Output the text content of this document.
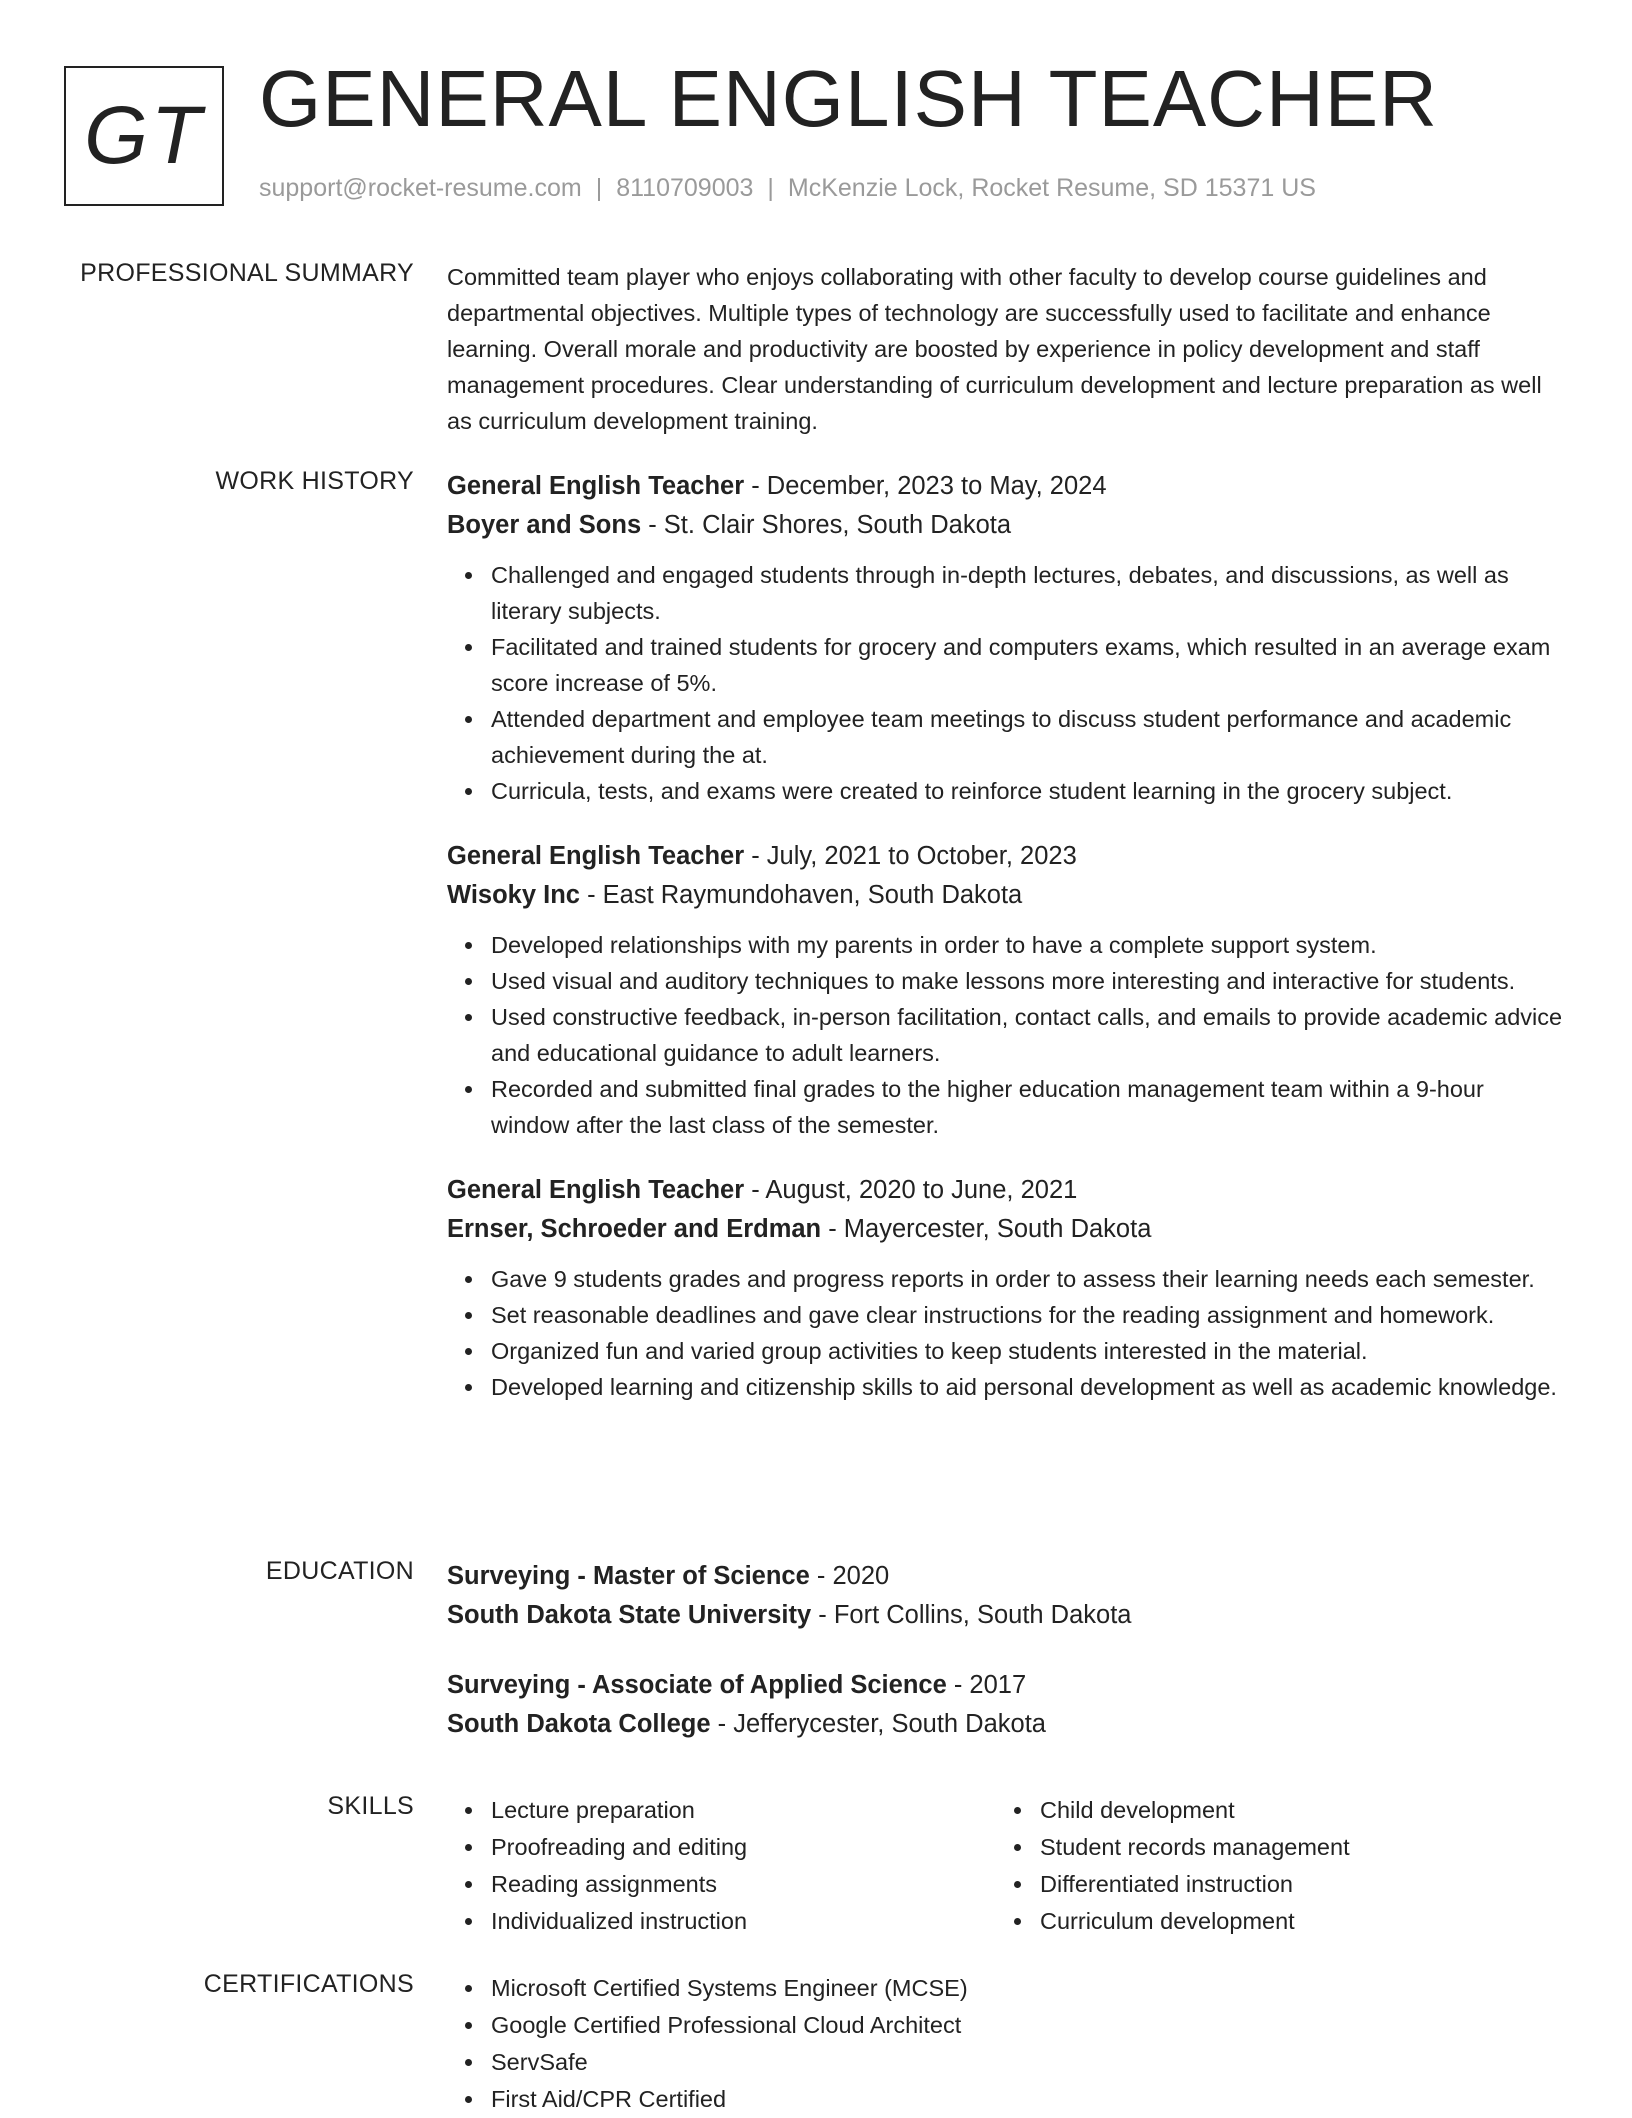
GT GENERAL ENGLISH TEACHER
support@rocket-resume.com | 8110709003 | McKenzie Lock, Rocket Resume, SD 15371 US
PROFESSIONAL SUMMARY Committed team player who enjoys collaborating with other faculty to develop course guidelines and departmental objectives. Multiple types of technology are successfully used to facilitate and enhance learning. Overall morale and productivity are boosted by experience in policy development and staff management procedures. Clear understanding of curriculum development and lecture preparation as well as curriculum development training.

WORK HISTORY General English Teacher - December, 2023 to May, 2024
Boyer and Sons - St. Clair Shores, South Dakota
Challenged and engaged students through in-depth lectures, debates, and discussions, as well as literary subjects.
Facilitated and trained students for grocery and computers exams, which resulted in an average exam score increase of 5%.
Attended department and employee team meetings to discuss student performance and academic achievement during the at.
Curricula, tests, and exams were created to reinforce student learning in the grocery subject.
General English Teacher - July, 2021 to October, 2023
Wisoky Inc - East Raymundohaven, South Dakota
Developed relationships with my parents in order to have a complete support system.
Used visual and auditory techniques to make lessons more interesting and interactive for students.
Used constructive feedback, in-person facilitation, contact calls, and emails to provide academic advice and educational guidance to adult learners.
Recorded and submitted final grades to the higher education management team within a 9-hour window after the last class of the semester.
General English Teacher - August, 2020 to June, 2021
Ernser, Schroeder and Erdman - Mayercester, South Dakota
Gave 9 students grades and progress reports in order to assess their learning needs each semester.
Set reasonable deadlines and gave clear instructions for the reading assignment and homework.
Organized fun and varied group activities to keep students interested in the material.
Developed learning and citizenship skills to aid personal development as well as academic knowledge.
EDUCATION Surveying - Master of Science - 2020
South Dakota State University - Fort Collins, South Dakota
Surveying - Associate of Applied Science - 2017
South Dakota College - Jefferycester, South Dakota
SKILLS	Lecture preparation
Proofreading and editing
Reading assignments
Individualized instruction
Child development
Student records management
Differentiated instruction
Curriculum development
CERTIFICATIONS	Microsoft Certified Systems Engineer (MCSE)
Google Certified Professional Cloud Architect
ServSafe
First Aid/CPR Certified
